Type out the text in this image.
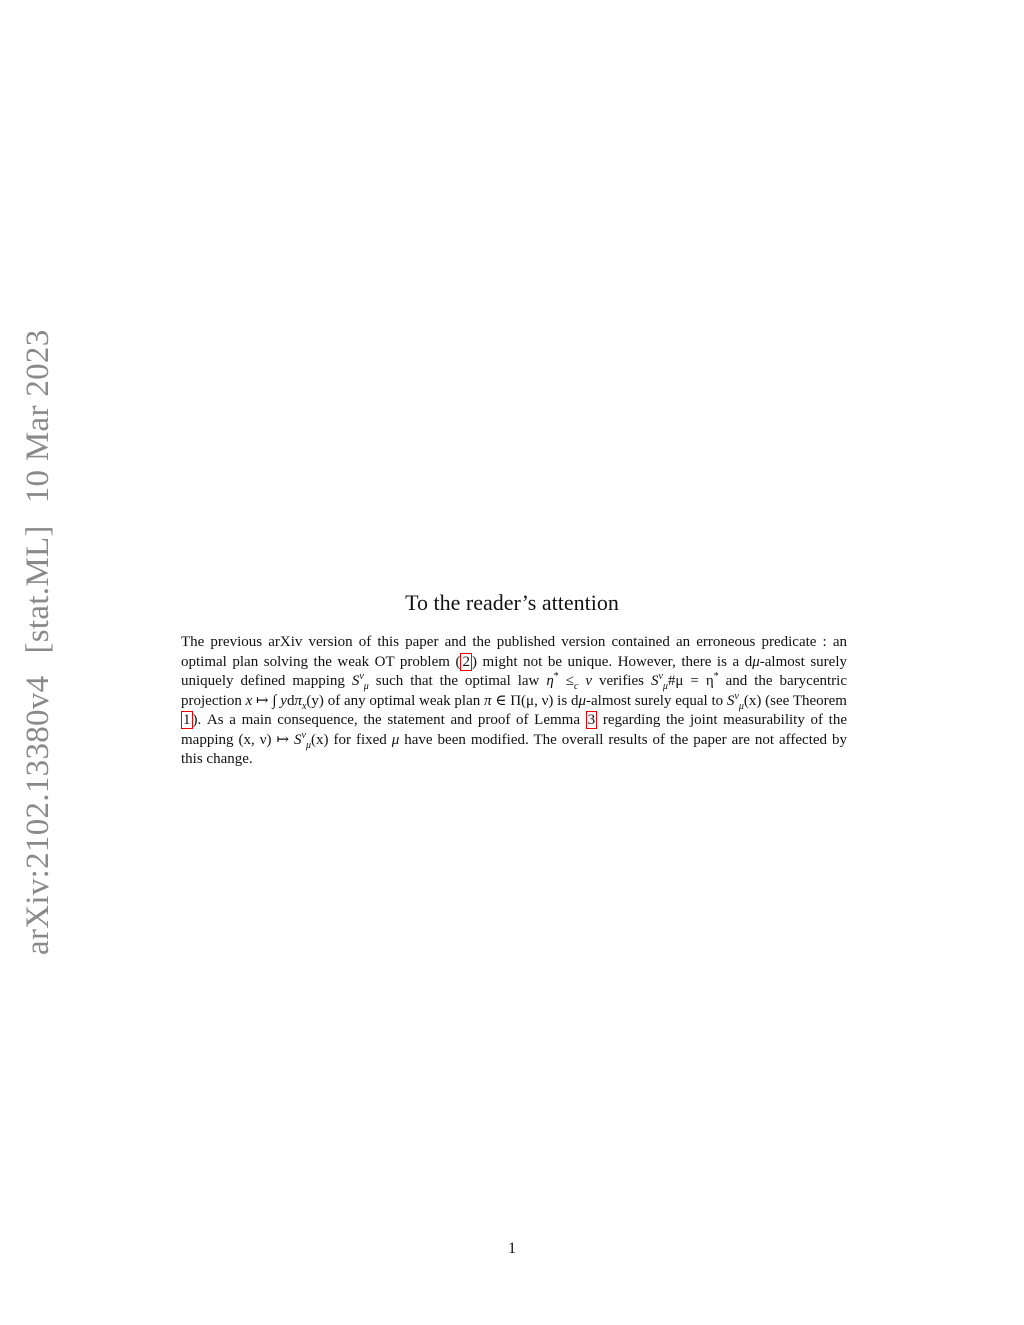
arXiv:2102.13380v4[stat.ML]10 Mar 2023
To the reader’s attention
The previous arXiv version of this paper and the published version contained an erroneous predicate : an optimal plan solving the weak OT problem ( 2 ) might not be unique. However, there is a dμ-almost surely uniquely defined mapping $S^\nu_\mu$ such that the optimal law $\eta^* \le_c$ ν verifies $S^\nu_\mu\#\mu = \eta^*$ and the barycentric projection x ↦ ∫ ydπ$_x$(y) of any optimal weak plan π ∈ Π(μ, ν) is dμ-almost surely equal to $S^\nu_\mu(x)$ (see Theorem 1 ). As a main consequence, the statement and proof of Lemma 3 regarding the joint measurability of the mapping (x, ν) ↦ $S^\nu_\mu(x)$ for fixed μ have been modified. The overall results of the paper are not affected by this change.
1
